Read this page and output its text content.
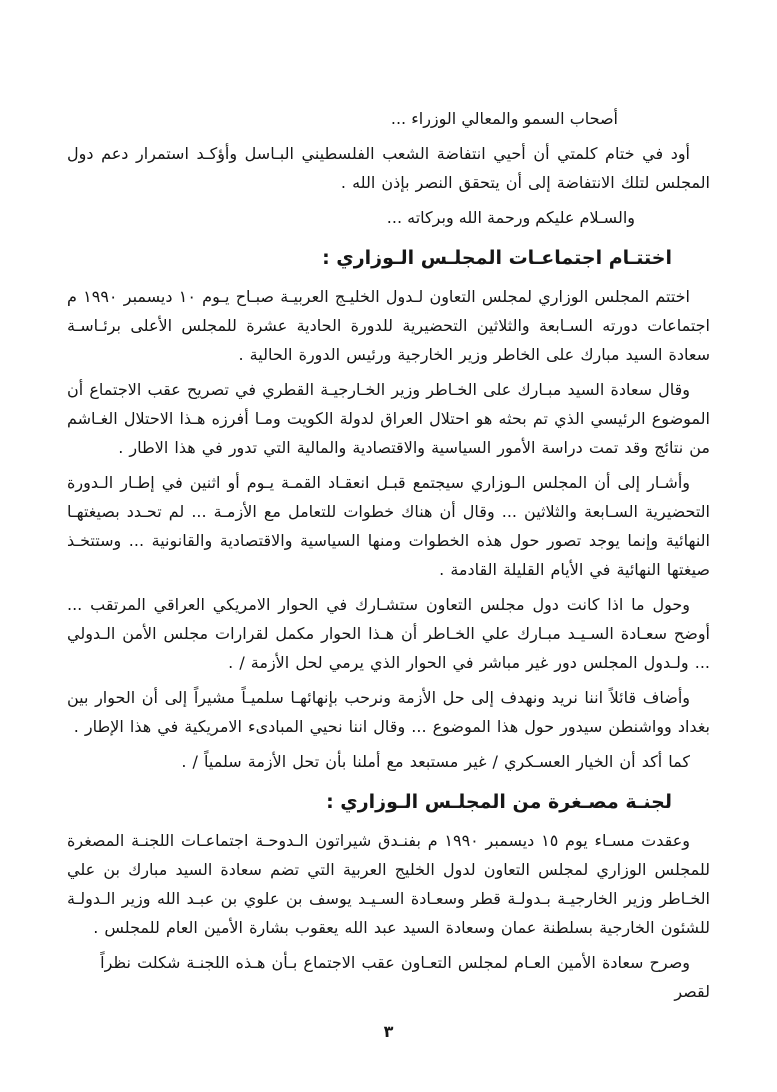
أصحاب السمو والمعالي الوزراء ...

أود في ختام كلمتي أن أحيي انتفاضة الشعب الفلسطيني البـاسل وأؤكـد استمرار دعم دول المجلس لتلك الانتفاضة إلى أن يتحقق النصر بإذن الله .

والسـلام عليكم ورحمة الله وبركاته ...

اختتـام اجتماعـات المجلـس الـوزاري :

اختتم المجلس الوزاري لمجلس التعاون لـدول الخليـج العربيـة صبـاح يـوم ١٠ ديسمبر ١٩٩٠ م اجتماعات دورته السـابعة والثلاثين التحضيرية للدورة الحادية عشرة للمجلس الأعلى برئـاسـة سعادة السيد مبارك على الخاطر وزير الخارجية ورئيس الدورة الحالية .

وقال سعادة السيد مبـارك على الخـاطر وزير الخـارجيـة القطري في تصريح عقب الاجتماع أن الموضوع الرئيسي الذي تم بحثه هو احتلال العراق لدولة الكويت ومـا أفرزه هـذا الاحتلال الغـاشم من نتائج وقد تمت دراسة الأمور السياسية والاقتصادية والمالية التي تدور في هذا الاطار .

وأشـار إلى أن المجلس الـوزاري سيجتمع قبـل انعقـاد القمـة يـوم أو اثنين في إطـار الـدورة التحضيرية السـابعة والثلاثين ... وقال أن هناك خطوات للتعامل مع الأزمـة ... لم تحـدد بصيغتهـا النهائية وإنما يوجد تصور حول هذه الخطوات ومنها السياسية والاقتصادية والقانونية ... وستتخـذ صيغتها النهائية في الأيام القليلة القادمة .

وحول ما اذا كانت دول مجلس التعاون ستشـارك في الحوار الامريكي العراقي المرتقب ... أوضح سعـادة السـيـد مبـارك علي الخـاطر أن هـذا الحوار مكمل لقرارات مجلس الأمن الـدولي ... ولـدول المجلس دور غير مباشر في الحوار الذي يرمي لحل الأزمة / .

وأضاف قائلاً اننا نريد ونهدف إلى حل الأزمة ونرحب بإنهائهـا سلميـاً مشيراً إلى أن الحوار بين بغداد وواشنطن سيدور حول هذا الموضوع ... وقال اننا نحيي المبادىء الامريكية في هذا الإطار .

كما أكد أن الخيار العسـكري / غير مستبعد مع أملنا بأن تحل الأزمة سلمياً / .

لجنـة مصـغرة من المجلـس الـوزاري :

وعقدت مسـاء يوم ١٥ ديسمبر ١٩٩٠ م بفنـدق شيراتون الـدوحـة اجتماعـات اللجنـة المصغرة للمجلس الوزاري لمجلس التعاون لدول الخليج العربية التي تضم سعادة السيد مبارك بن علي الخـاطر وزير الخارجيـة بـدولـة قطر وسعـادة السـيـد يوسف بن علوي بن عبـد الله وزير الـدولـة للشئون الخارجية بسلطنة عمان وسعادة السيد عبد الله يعقوب بشارة الأمين العام للمجلس .

وصرح سعادة الأمين العـام لمجلس التعـاون عقب الاجتماع بـأن هـذه اللجنـة شكلت نظراً لقصر

٣
